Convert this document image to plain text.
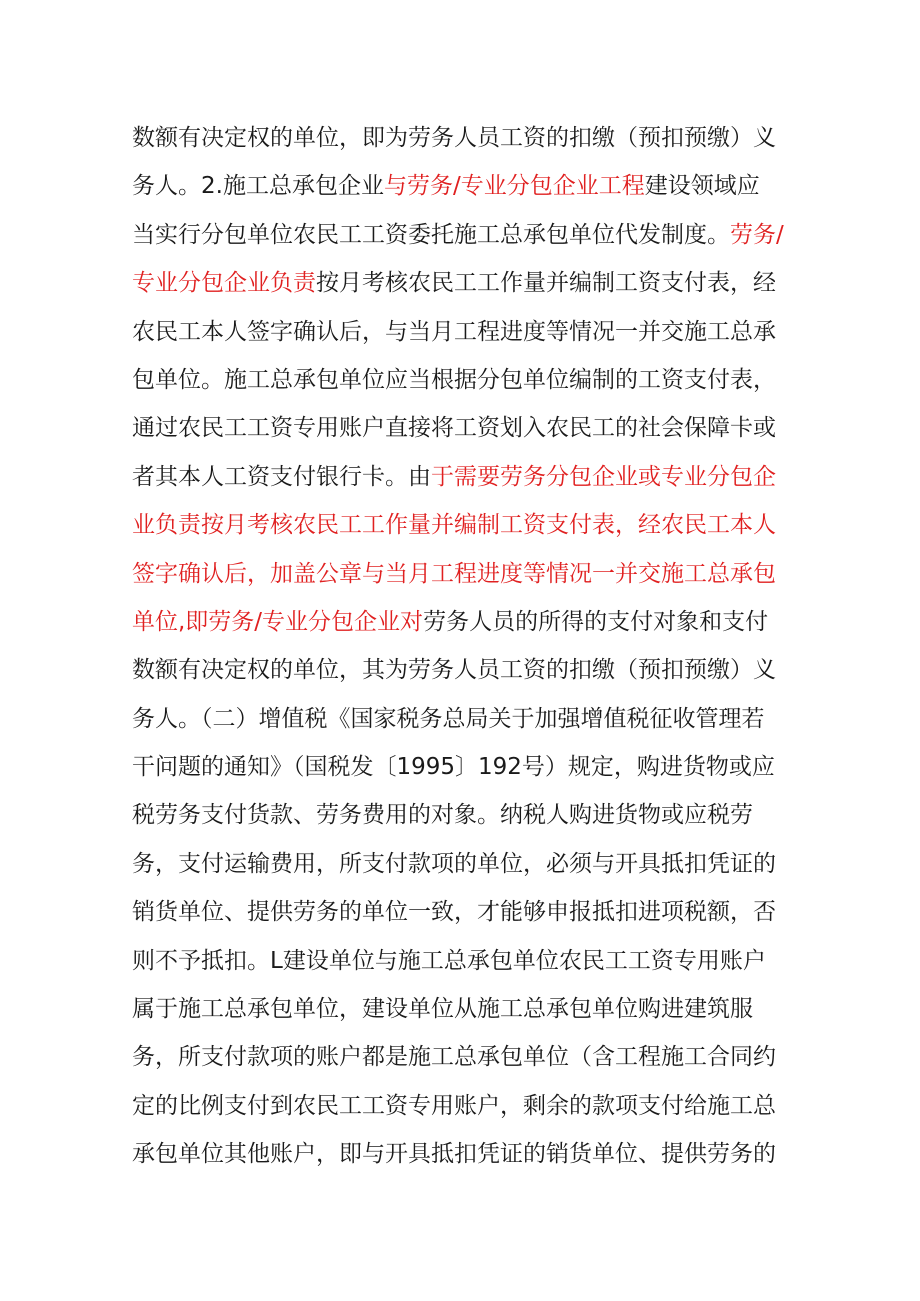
数额有决定权的单位，即为劳务人员工资的扣缴（预扣预缴）义
务人。2.施工总承包企业与劳务/专业分包企业工程建设领域应
当实行分包单位农民工工资委托施工总承包单位代发制度。劳务/
专业分包企业负责按月考核农民工工作量并编制工资支付表，经
农民工本人签字确认后，与当月工程进度等情况一并交施工总承
包单位。施工总承包单位应当根据分包单位编制的工资支付表，
通过农民工工资专用账户直接将工资划入农民工的社会保障卡或
者其本人工资支付银行卡。由于需要劳务分包企业或专业分包企
业负责按月考核农民工工作量并编制工资支付表，经农民工本人
签字确认后，加盖公章与当月工程进度等情况一并交施工总承包
单位,即劳务/专业分包企业对劳务人员的所得的支付对象和支付
数额有决定权的单位，其为劳务人员工资的扣缴（预扣预缴）义
务人。（二）增值税《国家税务总局关于加强增值税征收管理若
干问题的通知》（国税发〔1995〕192号）规定，购进货物或应
税劳务支付货款、劳务费用的对象。纳税人购进货物或应税劳
务，支付运输费用，所支付款项的单位，必须与开具抵扣凭证的
销货单位、提供劳务的单位一致，才能够申报抵扣进项税额，否
则不予抵扣。L建设单位与施工总承包单位农民工工资专用账户
属于施工总承包单位，建设单位从施工总承包单位购进建筑服
务，所支付款项的账户都是施工总承包单位（含工程施工合同约
定的比例支付到农民工工资专用账户，剩余的款项支付给施工总
承包单位其他账户，即与开具抵扣凭证的销货单位、提供劳务的
